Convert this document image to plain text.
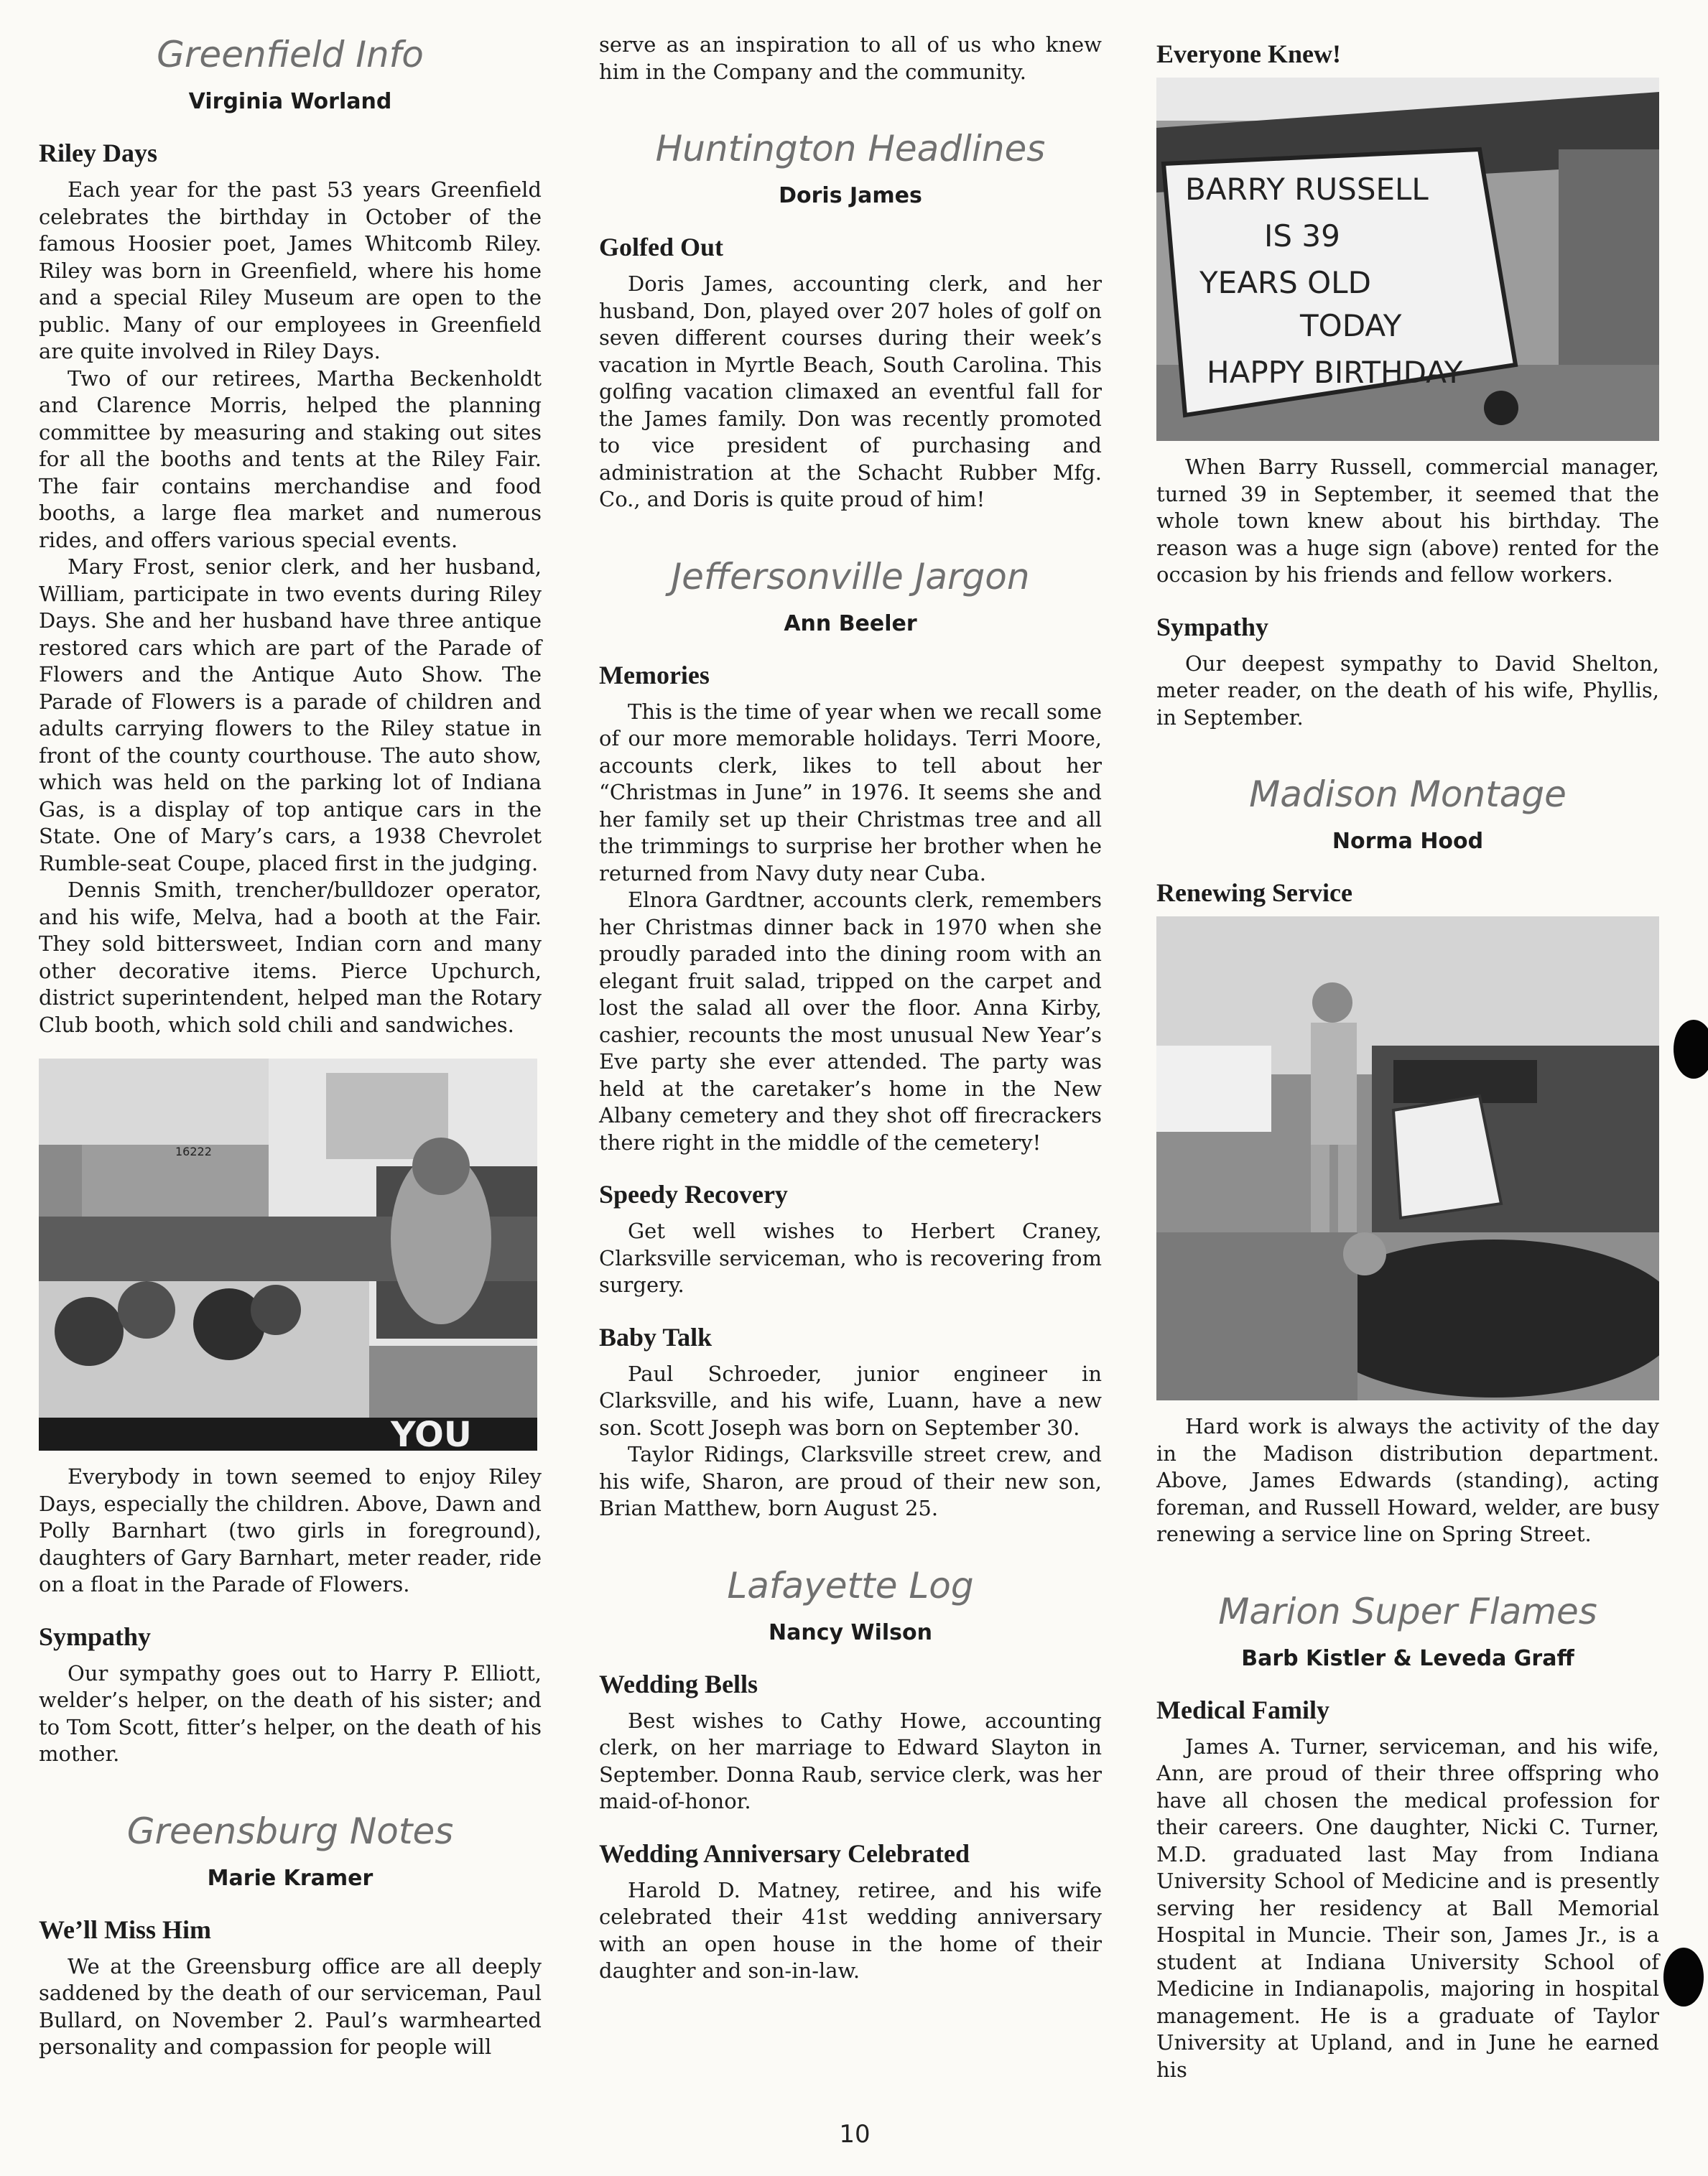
Greenfield Info
Virginia Worland
Riley Days

Each year for the past 53 years Greenfield celebrates the birthday in October of the famous Hoosier poet, James Whitcomb Riley. Riley was born in Greenfield, where his home and a special Riley Museum are open to the public. Many of our employees in Greenfield are quite involved in Riley Days.

Two of our retirees, Martha Beckenholdt and Clarence Morris, helped the planning committee by measuring and staking out sites for all the booths and tents at the Riley Fair. The fair contains merchandise and food booths, a large flea market and numerous rides, and offers various special events.

Mary Frost, senior clerk, and her husband, William, participate in two events during Riley Days. She and her husband have three antique restored cars which are part of the Parade of Flowers and the Antique Auto Show. The Parade of Flowers is a parade of children and adults carrying flowers to the Riley statue in front of the county courthouse. The auto show, which was held on the parking lot of Indiana Gas, is a display of top antique cars in the State. One of Mary’s cars, a 1938 Chevrolet Rumble-seat Coupe, placed first in the judging.

Dennis Smith, trencher/bulldozer operator, and his wife, Melva, had a booth at the Fair. They sold bittersweet, Indian corn and many other decorative items. Pierce Upchurch, district superintendent, helped man the Rotary Club booth, which sold chili and sandwiches.

YOU
16222

Everybody in town seemed to enjoy Riley Days, especially the children. Above, Dawn and Polly Barnhart (two girls in foreground), daughters of Gary Barnhart, meter reader, ride on a float in the Parade of Flowers.

Sympathy

Our sympathy goes out to Harry P. Elliott, welder’s helper, on the death of his sister; and to Tom Scott, fitter’s helper, on the death of his mother.

Greensburg Notes
Marie Kramer
We’ll Miss Him

We at the Greensburg office are all deeply saddened by the death of our serviceman, Paul Bullard, on November 2. Paul’s warmhearted personality and compassion for people will

serve as an inspiration to all of us who knew him in the Company and the community.

Huntington Headlines
Doris James
Golfed Out

Doris James, accounting clerk, and her husband, Don, played over 207 holes of golf on seven different courses during their week’s vacation in Myrtle Beach, South Carolina. This golfing vacation climaxed an eventful fall for the James family. Don was recently promoted to vice president of purchasing and administration at the Schacht Rubber Mfg. Co., and Doris is quite proud of him!

Jeffersonville Jargon
Ann Beeler
Memories

This is the time of year when we recall some of our more memorable holidays. Terri Moore, accounts clerk, likes to tell about her “Christmas in June” in 1976. It seems she and her family set up their Christmas tree and all the trimmings to surprise her brother when he returned from Navy duty near Cuba.

Elnora Gardtner, accounts clerk, remembers her Christmas dinner back in 1970 when she proudly paraded into the dining room with an elegant fruit salad, tripped on the carpet and lost the salad all over the floor. Anna Kirby, cashier, recounts the most unusual New Year’s Eve party she ever attended. The party was held at the caretaker’s home in the New Albany cemetery and they shot off firecrackers there right in the middle of the cemetery!

Speedy Recovery

Get well wishes to Herbert Craney, Clarksville serviceman, who is recovering from surgery.

Baby Talk

Paul Schroeder, junior engineer in Clarksville, and his wife, Luann, have a new son. Scott Joseph was born on September 30.

Taylor Ridings, Clarksville street crew, and his wife, Sharon, are proud of their new son, Brian Matthew, born August 25.

Lafayette Log
Nancy Wilson
Wedding Bells

Best wishes to Cathy Howe, accounting clerk, on her marriage to Edward Slayton in September. Donna Raub, service clerk, was her maid-of-honor.

Wedding Anniversary Celebrated

Harold D. Matney, retiree, and his wife celebrated their 41st wedding anniversary with an open house in the home of their daughter and son-in-law.

Everyone Knew!
BARRY RUSSELL
IS 39
YEARS OLD
TODAY
HAPPY BIRTHDAY

When Barry Russell, commercial manager, turned 39 in September, it seemed that the whole town knew about his birthday. The reason was a huge sign (above) rented for the occasion by his friends and fellow workers.

Sympathy

Our deepest sympathy to David Shelton, meter reader, on the death of his wife, Phyllis, in September.

Madison Montage
Norma Hood
Renewing Service

Hard work is always the activity of the day in the Madison distribution department. Above, James Edwards (standing), acting foreman, and Russell Howard, welder, are busy renewing a service line on Spring Street.

Marion Super Flames
Barb Kistler & Leveda Graff
Medical Family

James A. Turner, serviceman, and his wife, Ann, are proud of their three offspring who have all chosen the medical profession for their careers. One daughter, Nicki C. Turner, M.D. graduated last May from Indiana University School of Medicine and is presently serving her residency at Ball Memorial Hospital in Muncie. Their son, James Jr., is a student at Indiana University School of Medicine in Indianapolis, majoring in hospital management. He is a graduate of Taylor University at Upland, and in June he earned his

10
